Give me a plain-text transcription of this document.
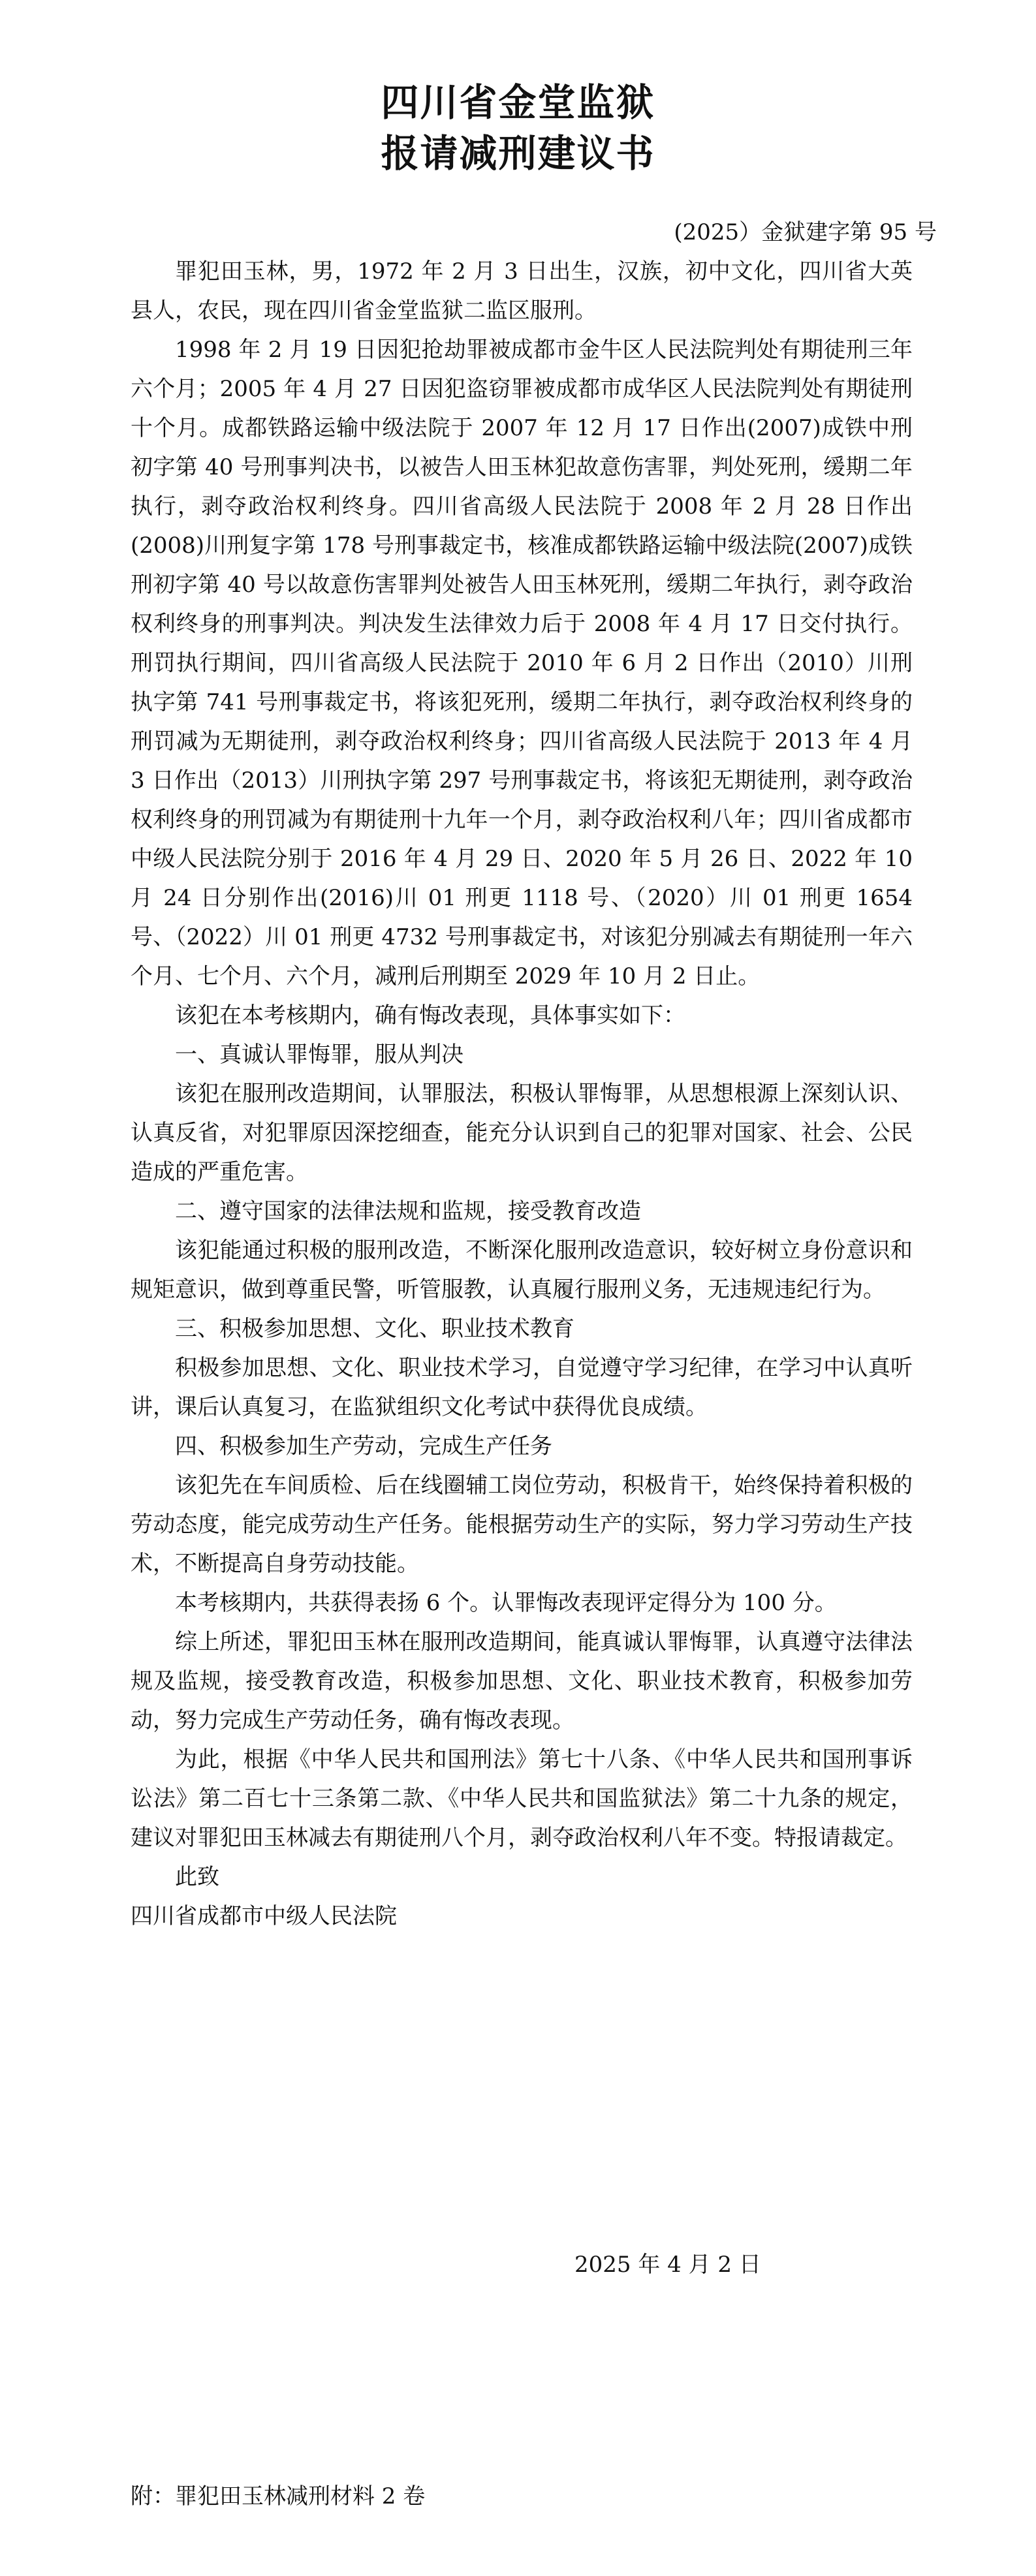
四川省金堂监狱
报请减刑建议书
(2025）金狱建字第 95 号

罪犯田玉林，男，1972 年 2 月 3 日出生，汉族，初中文化，四川省大英县人，农民，现在四川省金堂监狱二监区服刑。

1998 年 2 月 19 日因犯抢劫罪被成都市金牛区人民法院判处有期徒刑三年六个月；2005 年 4 月 27 日因犯盗窃罪被成都市成华区人民法院判处有期徒刑十个月。成都铁路运输中级法院于 2007 年 12 月 17 日作出(2007)成铁中刑初字第 40 号刑事判决书，以被告人田玉林犯故意伤害罪，判处死刑，缓期二年执行，剥夺政治权利终身。四川省高级人民法院于 2008 年 2 月 28 日作出(2008)川刑复字第 178 号刑事裁定书，核准成都铁路运输中级法院(2007)成铁刑初字第 40 号以故意伤害罪判处被告人田玉林死刑，缓期二年执行，剥夺政治权利终身的刑事判决。判决发生法律效力后于 2008 年 4 月 17 日交付执行。刑罚执行期间，四川省高级人民法院于 2010 年 6 月 2 日作出（2010）川刑执字第 741 号刑事裁定书，将该犯死刑，缓期二年执行，剥夺政治权利终身的刑罚减为无期徒刑，剥夺政治权利终身；四川省高级人民法院于 2013 年 4 月 3 日作出（2013）川刑执字第 297 号刑事裁定书，将该犯无期徒刑，剥夺政治权利终身的刑罚减为有期徒刑十九年一个月，剥夺政治权利八年；四川省成都市中级人民法院分别于 2016 年 4 月 29 日、2020 年 5 月 26 日、2022 年 10 月 24 日分别作出(2016)川 01 刑更 1118 号、（2020）川 01 刑更 1654 号、（2022）川 01 刑更 4732 号刑事裁定书，对该犯分别减去有期徒刑一年六个月、七个月、六个月，减刑后刑期至 2029 年 10 月 2 日止。

该犯在本考核期内，确有悔改表现，具体事实如下：

一、真诚认罪悔罪，服从判决

该犯在服刑改造期间，认罪服法，积极认罪悔罪，从思想根源上深刻认识、认真反省，对犯罪原因深挖细查，能充分认识到自己的犯罪对国家、社会、公民造成的严重危害。

二、遵守国家的法律法规和监规，接受教育改造

该犯能通过积极的服刑改造，不断深化服刑改造意识，较好树立身份意识和规矩意识，做到尊重民警，听管服教，认真履行服刑义务，无违规违纪行为。

三、积极参加思想、文化、职业技术教育

积极参加思想、文化、职业技术学习，自觉遵守学习纪律，在学习中认真听讲，课后认真复习，在监狱组织文化考试中获得优良成绩。

四、积极参加生产劳动，完成生产任务

该犯先在车间质检、后在线圈辅工岗位劳动，积极肯干，始终保持着积极的劳动态度，能完成劳动生产任务。能根据劳动生产的实际，努力学习劳动生产技术，不断提高自身劳动技能。

本考核期内，共获得表扬 6 个。认罪悔改表现评定得分为 100 分。

综上所述，罪犯田玉林在服刑改造期间，能真诚认罪悔罪，认真遵守法律法规及监规，接受教育改造，积极参加思想、文化、职业技术教育，积极参加劳动，努力完成生产劳动任务，确有悔改表现。

为此，根据《中华人民共和国刑法》第七十八条、《中华人民共和国刑事诉讼法》第二百七十三条第二款、《中华人民共和国监狱法》第二十九条的规定，建议对罪犯田玉林减去有期徒刑八个月，剥夺政治权利八年不变。特报请裁定。

此致

四川省成都市中级人民法院

2025 年 4 月 2 日
附：罪犯田玉林减刑材料 2 卷
